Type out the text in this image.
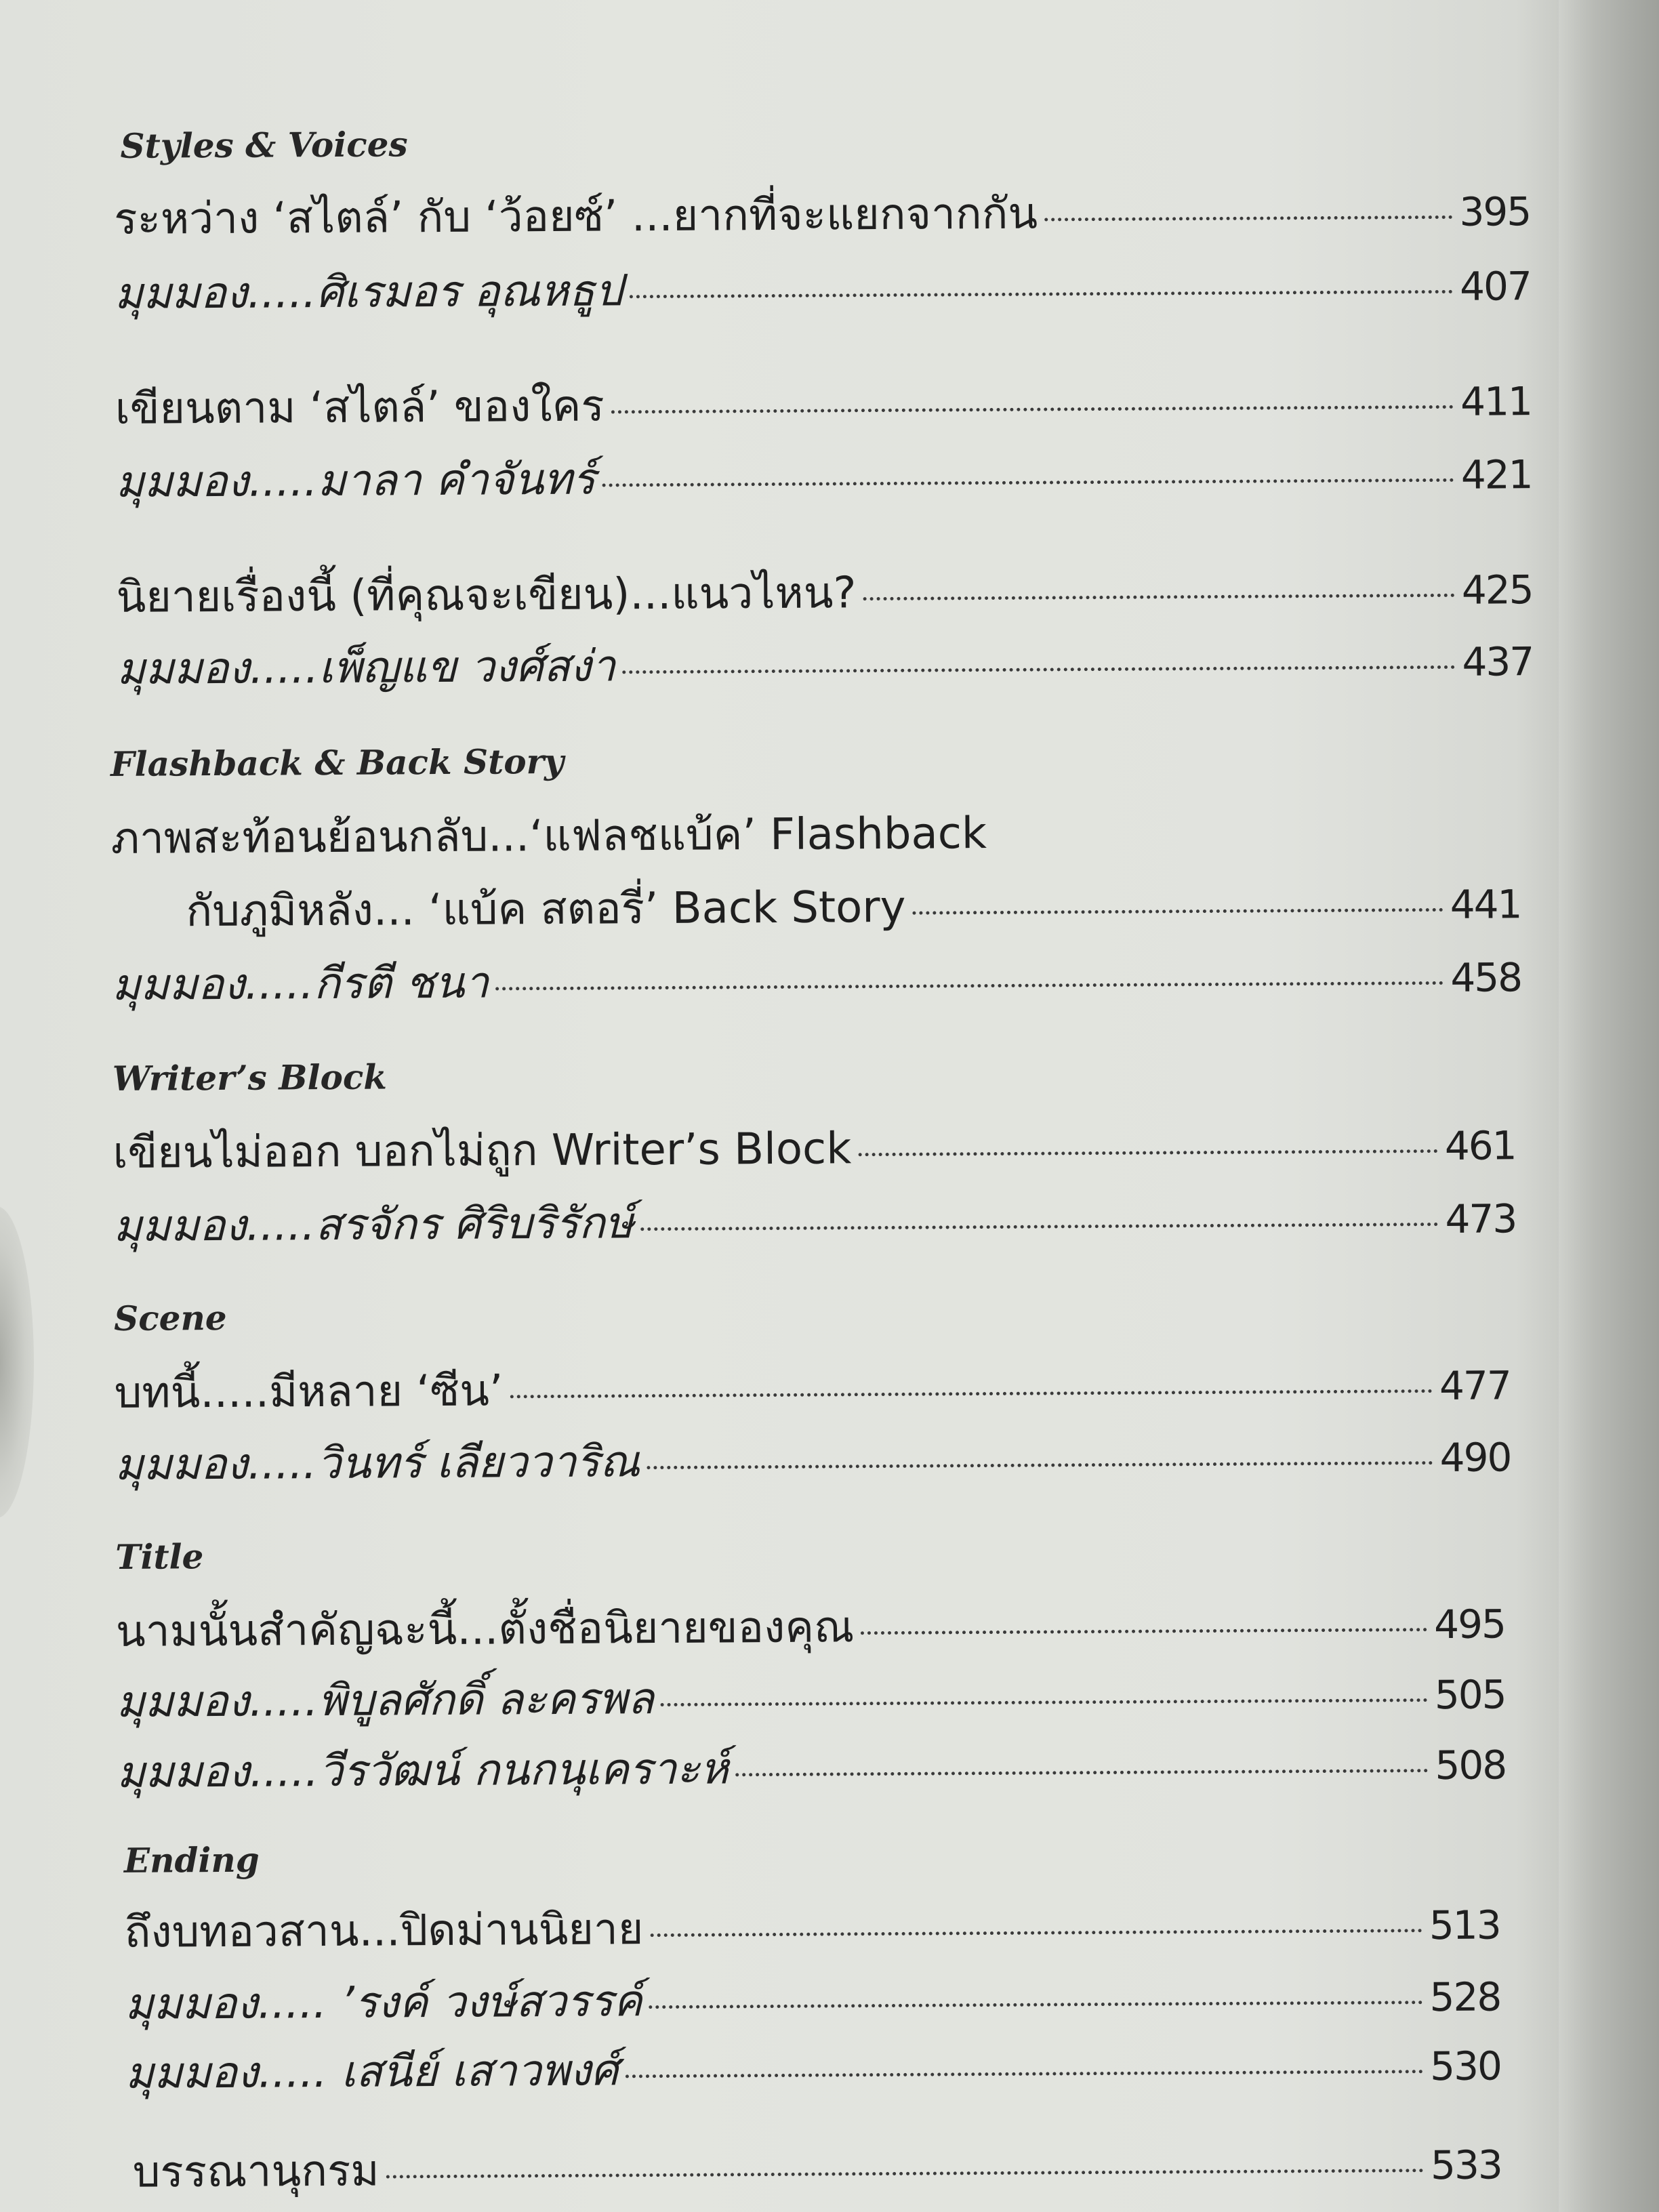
Styles & Voices
ระหว่าง ‘สไตล์’ กับ ‘ว้อยซ์’ ...ยากที่จะแยกจากกัน	395
มุมมอง.....ศิเรมอร อุณหธูป	407
เขียนตาม ‘สไตล์’ ของใคร	411
มุมมอง.....มาลา คำจันทร์	421
นิยายเรื่องนี้ (ที่คุณจะเขียน)...แนวไหน?	425
มุมมอง.....เพ็ญแข วงศ์สง่า	437
Flashback & Back Story
ภาพสะท้อนย้อนกลับ...‘แฟลชแบ้ค’ Flashback
กับภูมิหลัง... ‘แบ้ค สตอรี่’ Back Story	441
มุมมอง.....กีรตี ชนา	458
Writer’s Block
เขียนไม่ออก บอกไม่ถูก Writer’s Block	461
มุมมอง.....สรจักร ศิริบริรักษ์	473
Scene
บทนี้.....มีหลาย ‘ซีน’	477
มุมมอง.....วินทร์ เลียววาริณ	490
Title
นามนั้นสำคัญฉะนี้...ตั้งชื่อนิยายของคุณ	495
มุมมอง.....พิบูลศักดิ์ ละครพล	505
มุมมอง.....วีรวัฒน์ กนกนุเคราะห์	508
Ending
ถึงบทอวสาน...ปิดม่านนิยาย	513
มุมมอง..... ’รงค์ วงษ์สวรรค์	528
มุมมอง..... เสนีย์ เสาวพงศ์	530
บรรณานุกรม	533
